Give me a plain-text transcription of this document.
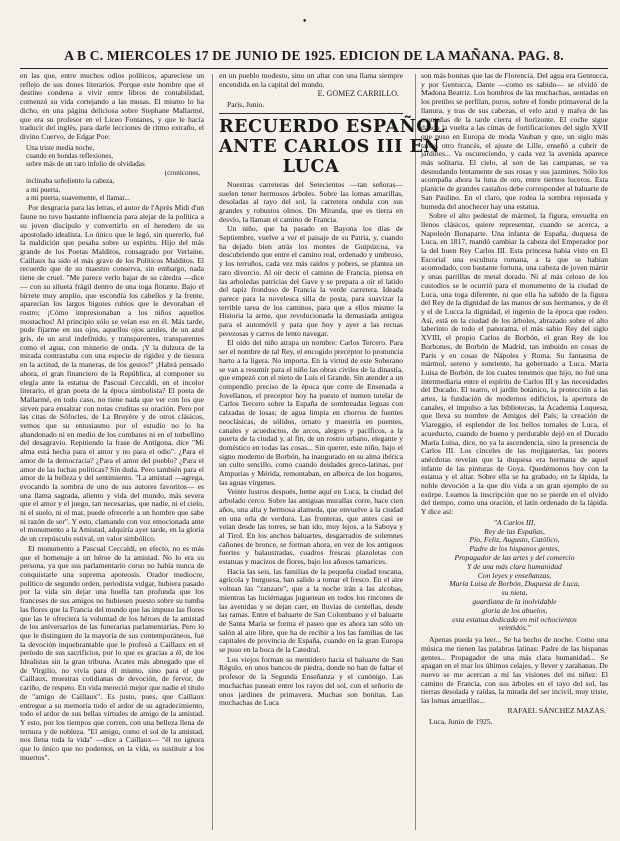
•
A B C. MIERCOLES 17 DE JUNIO DE 1925. EDICION DE LA MAÑANA. PAG. 8.

en las que, entre muchos odios políticos, aparecíese un reflejo de sus dones literarios. Porque este hombre que el destino condena a vivir entre libros de contabilidad, comenzó su vida cortejando a las musas. El mismo lo ha dicho, en una página deliciosa sobre Stephane Mallarmé, que era su profesor en el Liceo Fontanes, y que le hacía traducir del inglés, para darle lecciones de ritmo extraño, el divino Cuervo, de Edgar Poe:

Una triste media noche,
cuando en hondas reflexiones,
sobre más de un raro infolio de olvidadas
(cronicones,
inclinaba soñoliento la cabeza,
a mi puerta,
a mi puerta, suavemente, el llamar...

Por desgracia para las letras, el autor de l'Après Midi d'un faune no tuvo bastante influencia para alejar de la política a su joven discípulo y convertirlo en el heredero de su apostolado idealista. Lo único que le legó, sin quererlo, fué la maldición que pesaba sobre su espíritu. Hijo del más grande de los Poetas Malditos, consagrado por Verlaine, Caillaux ha sido el más grave de los Políticos Malditos. El recuerdo que de su maestro conserva, sin embargo, nada tiene de cruel. "Me parece verlo bajar de su cátedra —dice— con su silueta frágil dentro de una toga flotante. Bajo el birrete muy amplio, que escondía los cabellos y la frente, aparecían los largos bigotes rubios que le devoraban el rostro; ¡Cómo impresionaban a los niños aquellos mostachos! Al principio sólo se veían eso en él. Más tarde, pude fijarme en sus ojos, aquellos ojos azules, de un azul gris, de un azul indefinido, y transparentes, transparentes como el agua, con misterio de onda. ¡Y la dulzura de la mirada contrastaba con una especie de rigidez y de tiesura en la actitud, de la maneras, de los gestos!" ¡Habrá pensado ahora, el gran financiero de la República, al componer su elegía ante la estatua de Pascual Ceccaldi, en el incolor literario, el gran poeta de la época simbolista? El poeta de Mallarmé, en todo caso, no tiene nada que ver con los que sirven para ensalzar con notas cruditas su oración. Pero por las citas de Sófocles, de La Bruyère y de otros clásicos, vemos que su entusiasmo por el estudio no lo ha abandonado ni en medio de los combates ni en el torbellino del desagravio. Repitiendo la frase de Antígona, dice "Mi alma está hecha para el amor y no para el odio". ¿Para el amor de la democracia? ¿Para el amor del pueblo? ¿Para el amor de las luchas políticas? Sin duda. Pero también para el amor de la belleza y del sentimiento. "La amistad —agrega, evocando la sombra de uno de sus autores favoritos— es una llama sagrada, aliento y vida del mundo, más severa que el amor y el juego, tan necesarias, que nadie, ni el cielo, ni el suelo, ni el mar, puede ofrecerle a un hombre que sabe ni razón de ser". Y esto, clamando con voz emocionada ante el monumento a la Amistad, adquiría ayer tarde, en la gloria de un crepúsculo estival, un valor simbólico.

El monumento a Pascual Ceccaldi, en efecto, no es más que el homenaje a un héroe de la amistad. No lo era su persona, ya que sus parlamentario corso no había nunca de conquistarle una suprema apoteosis. Orador mediocre, político de segundo orden, periodista vulgar, hubiera pasado por la vida sin dejar una huella tan profunda que los franceses de sus amigos no hubiesen puesto sobre su tumba las flores que la Francia del mundo que las impuso las flores que las le ofreciera la voluntad de los héroes de la amistad de los aniversarios de las funerarias parlamentarias. Pero lo que le distinguen de la mayoría de sus contemporáneos, fué la devoción inquebrantable que le profesó a Caillaux en el período de sus sacrificios, por lo que es gracias a él, de los Idealistas sin la gran tribuna. Acates más abnegado que el de Virgilio, no vivía para él mismo, sino para el que Caillaux, muestras cotidianas de devoción, de fervor, de cariño, de respeto. En vida mereció mejor que nadie el título de "amigo de Caillaux". Es justo, pues, que Caillaux entregue a su memoria todo el ardor de su agradecimiento, todo el ardor de sus bellas virtudes de amigo de la amistad. Y esto, por los tiempos que corren, con una belleza llena de ternura y de nobleza. "El amigo, como el sol de la amistad, nos llena toda la vida" —dice a Caillaux— "él no ignora que lo único que no podemos, en la vida, es sustituir a los muertos".

en un pueblo modesto, sino un altar con una llama siempre encendida en la capital del mundo.

E. GOMEZ CARRILLO.
París, Junio.
RECUERDO ESPAÑOL
ANTE CARLOS III EN
LUCA

Nuestras carreteras del Setecientos —tan señoras— suelen tener hermosos árboles. Sobre las lomas amarillas, desoladas al rayo del sol, la carretera ondula con sus grandes y robustos olmos. Dn Miranda, que es tierra en desvío, la llaman el camino de Francia.

Un niño, que ha pasado en Bayona los días de Septiembre, vuelve a ver el paisaje de su Patria, y, cuando ha dejado bien atrás los montes de Guipúzcoa, va descubriendo que entre el camino real, ordenado y umbroso, y los terruños, cada vez más raídos y pobres, se plantea un raro divorcio. Al oír decir el camino de Francia, piensa en las arboledas patricias del Gave y se prepara a oír el latido del tapiz frondoso de Francia la verde carretera. Ideada parece para la novelesca silla de posta, para suavizar la terrible tarea de los caminos, para que a ellos mismo la Historia la arme, que revolucionada la demasiada antigua para el automóvil y para que hoy y ayer a las recuas perezosas y carros de lento navegar.

El oído del niño atrapa un nombre: Carlos Tercero. Para ser el nombre de tal Rey, el encogido preceptor lo pronuncia harto a la ligera. No importa. En la virtud de este Soberano se van a resumir para el niño las obras civiles de la dinastía, que empezó con el nieto de Luis el Grande. Sin atender a un compendio preciso de la época que corre de Ensenada a Jovellanos, el preceptor hoy ha puesto el numen tutelar de Carlos Tercero sobre la España de sombreadas leguas con calzadas de losas; de agua limpia en chorros de fuentes neoclásicas, de sólidos, ornato y maestría en puentes, canales y acueductos, de arcos, alegres y pacíficos, a la puerta de la ciudad y, al fin, de un rostro urbano, elegante y doméstico en todas las cosas... Sin querer, este niño, bajo el signo moderno de Borbón, ha inaugurado en su alma ibérica un culto sencillo, como cuando deidades greco-latinas, por Ampurias y Mérida, remontaban, en alberca de los hogares, las aguas vírgenes.

Veinte lustros después, heme aquí en Luca, la ciudad del arbolado cerco. Sobre las antiguas murallas corre, hace cien años, una alta y hermosa alameda, que envuelve a la ciudad en una orla de verdura. Las fronteras, que antes casi se veían desde las torres, se han ido, muy lejos, a la Saboya y al Tirol. En los anchos baluartes, desgarrados de solemnes cañones de bronce, se forman ahora, en vez de los antiguos fuertes y balaustradas, cuadros frescas plazoletas con estatuas y macizos de flores, bajo los añosos tamarices.

Hacia las seis, las familias de la pequeña ciudad toscana, agrícola y burguesa, han salido a tomar el fresco. En el aire voltean las "zanzare", que a la noche irán a las alcobas, mientras las luciérnagas juguetean en todos los rincones de las avenidas y se dejan caer, en lluvias de centellas, desde las ramas. Entre el baluarte de San Colombano y el baluarte de Santa María se forma el paseo que es ahora tan sólo un salón al aire libre, que ha de recibir a los las familias de las capitales de provincia de España, cuando en la gran Europa se puso en la boca de la Catedral.

Los viejos forman su mentidero hacia el baluarte de San Régulo, en unos bancos de piedra, donde no han de faltar el profesor de la Segunda Enseñanza y el canónigo. Las muchachas pasean entre los rayos del sol, con el señorío de unos jardines de primavera. Muchas son bonitas. Las muchachas de Luca

son más bonitas que las de Florencia. Del agua era Gentucca, y por Gentucca, Dante —como es sabido— se olvidó de Madona Beatriz. Los hombros de las muchachas, sentadas en los pretiles se perfilan, puros, sobre el fondo primaveral de la llanura, y tras de sus cabezas, el velo azul y malva de las montañas de la tarde cierra el horizonte. El coche sigue dando la vuelta a las cimas de fortificaciones del siglo XVII que puso en Europa de moda Vauban y que, un siglo más tarde, otro francés, el ajuste de Lille, enseñó a cubrir de jardines... Va oscureciendo, y cada vez la avenida aparece más solitaria. El cielo, al son de las campanas, se va desnudando lentamente de sus rosas y sus jazmines. Sólo los acompaña ahora la luna de oro, entre tiernos luceros. Esta planicie de grandes castaños debe corresponder al baluarte de San Paulino. En el claro, que rodea la sombra reposada y humeda del anochecer hay una estatua.

Sobre el alto pedestal de mármol, la figura, envuelta en llenos clásicos, quiere representar, cuando se acerca, a Napoleón Bonaparte. Una infanta de España, duquesa de Luca, en 1817, mandó cambiar la cabeza del Emperador por la del buen Rey Carlos III. Esta princesa había visto en El Escorial una escultura romana, a la que se habían acomodado, con bastante fortuna, una cabeza de joven mártir y unas parrillas de metal dorado. Ni al más celoso de los custodios se le ocurrió para el monumento de la ciudad de Luca, una toga diferente, ni que ella ha sabido de la figura del Rey de la dignidad de las manos de sus hermanos, y de él y el de Lucca la dignidad, el ingenio de la época que rodeo. Así, está en la ciudad de los árboles, abrazado sobre el alto laberinto de todo el panorama, el más sabio Rey del siglo XVIII, el propio Carlos de Borbón, el gran Rey de los Borbones, de Borbón de Madrid, tan imbuido en cosas de París y en cosas de Nápoles y Roma. Su fantasma de mármol, sereno y sonriente, ha gobernado a Luca. María Luisa de Borbón, de los cuales tenemos que hijo, no fué una intermediaria entre el espíritu de Carlos III y las necesidades del Ducado. El teatro, el jardín botánico, la protección a las artes, la fundación de modernos edificios, la apertura de canales, el impulso a las bibliotecas, la Academia Luquesa, que lleva su nombre de Amigos del País; la creación de Viareggio, el esplendor de los bellos tornales de Luca, el acueducto, cuando de bueno y perdurable dejó en el Ducado María Luisa, dice, no ya la ascendencia, sino la presencia de Carlos III. Los cinceles de las mojigaterías, las peores anécdotas revelan que la duquesa era hermana de aquel infante de las pinturas de Goya. Quedémonos hoy con la estatua y el altar. Sobre ella se ha grabado, en la lápida, la noble devoción a la que dio vida a un gran ejemplo de su estirpe. Leamos la inscripción que no se pierde en el olvido del tiempo, como una oración, el latín ordenado de la lápida. Y dice así:

"A Carlos III,
Rey de las Españas,
Pío, Feliz, Augusto, Católico,
Padre de los hispanos gentes,
Propagador de las artes y del comercio
Y de una más clara humanidad
Con leyes y enseñanzas,
María Luisa de Borbón, Duquesa de Luca,
su nieta,
guardiana de la inolvidable
gloria de los abuelos,
esta estatua dedicada en mil ochocientos
veintidós."

Apenas pueda ya leer... Se ha hecho de noche. Como una música me tienen las palabras latinas: Padre de las hispanas gentes... Propagador de una más clara humanidad... Se apagan en el mar los últimos celajes, y llever y zarahanas. De nuevo se me acercan a mí las visiones del mi niñez: El camino de Francia, con sus árboles en el rayo del sol, las tierras desolada y raídas, la mirada del ser incivil, muy triste, las lomas amarillas...

RAFAEL SÁNCHEZ MAZAS.
Luca, Junio de 1925.
